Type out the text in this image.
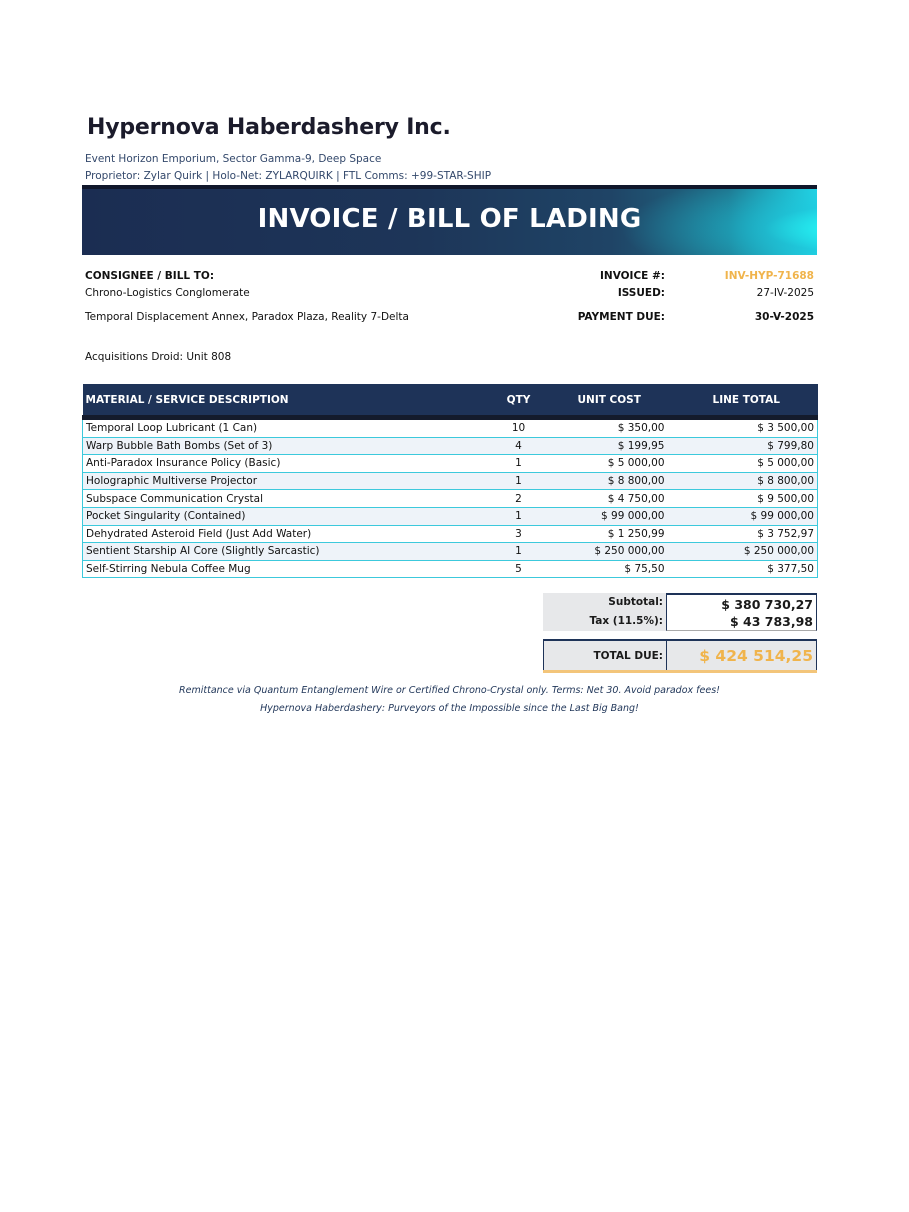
Hypernova Haberdashery Inc.
Event Horizon Emporium, Sector Gamma-9, Deep Space
Proprietor: Zylar Quirk | Holo-Net: ZYLARQUIRK | FTL Comms: +99-STAR-SHIP
INVOICE / BILL OF LADING
CONSIGNEE / BILL TO:
Chrono-Logistics Conglomerate
Temporal Displacement Annex, Paradox Plaza, Reality 7-Delta
Acquisitions Droid: Unit 808
INVOICE #:	INV-HYP-71688
ISSUED:	27-IV-2025
PAYMENT DUE:	30-V-2025
MATERIAL / SERVICE DESCRIPTION	QTY	UNIT COST	LINE TOTAL
Temporal Loop Lubricant (1 Can)	10	$ 350,00	$ 3 500,00
Warp Bubble Bath Bombs (Set of 3)	4	$ 199,95	$ 799,80
Anti-Paradox Insurance Policy (Basic)	1	$ 5 000,00	$ 5 000,00
Holographic Multiverse Projector	1	$ 8 800,00	$ 8 800,00
Subspace Communication Crystal	2	$ 4 750,00	$ 9 500,00
Pocket Singularity (Contained)	1	$ 99 000,00	$ 99 000,00
Dehydrated Asteroid Field (Just Add Water)	3	$ 1 250,99	$ 3 752,97
Sentient Starship AI Core (Slightly Sarcastic)	1	$ 250 000,00	$ 250 000,00
Self-Stirring Nebula Coffee Mug	5	$ 75,50	$ 377,50
Subtotal:	$ 380 730,27
Tax (11.5%):	$ 43 783,98
TOTAL DUE:	$ 424 514,25
Remittance via Quantum Entanglement Wire or Certified Chrono-Crystal only. Terms: Net 30. Avoid paradox fees!
Hypernova Haberdashery: Purveyors of the Impossible since the Last Big Bang!
